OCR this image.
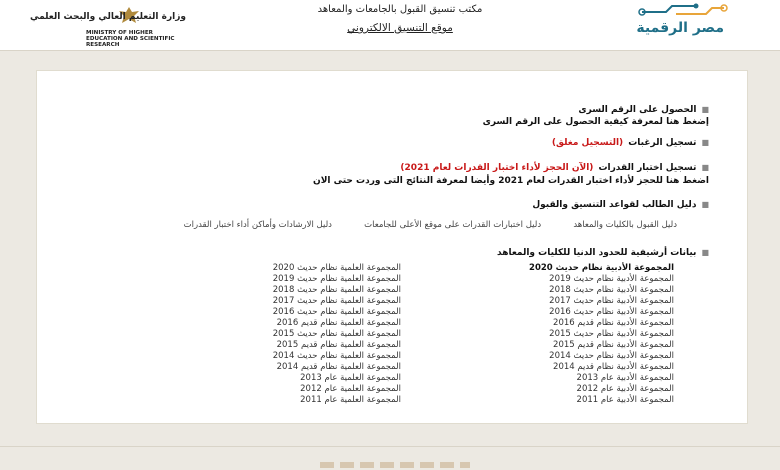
مصر الرقمية
مكتب تنسيق القبول بالجامعات والمعاهد
موقع التنسيق الالكتروني
وزارة التعليم العالي والبحث العلمي
MINISTRY OF HIGHER EDUCATION AND SCIENTIFIC RESEARCH
■الحصول على الرقم السرى
إضغط هنا لمعرفة كيفية الحصول على الرقم السرى
■تسجيل الرغبات (التسجيل مغلق)
■تسجيل اختبار القدرات (الآن الحجز لأداء اختبار القدرات لعام 2021)
اضغط هنا للحجز لأداء اختبار القدرات لعام 2021 وأيضا لمعرفة النتائج التى وردت حتى الان
■دليل الطالب لقواعد التنسيق والقبول
دليل القبول بالكليات والمعاهد  دليل اختبارات القدرات على موقع الأعلى للجامعات  دليل الارشادات وأماكن أداء اختبار القدرات
■بيانات أرشيفية للحدود الدنيا للكليات والمعاهد
المجموعة الأدبية نظام حديث 2020
المجموعة الأدبية نظام حديث 2019
المجموعة الأدبية نظام حديث 2018
المجموعة الأدبية نظام حديث 2017
المجموعة الأدبية نظام حديث 2016
المجموعة الأدبية نظام قديم 2016
المجموعة الأدبية نظام حديث 2015
المجموعة الأدبية نظام قديم 2015
المجموعة الأدبية نظام حديث 2014
المجموعة الأدبية نظام قديم 2014
المجموعة الأدبية عام 2013
المجموعة الأدبية عام 2012
المجموعة الأدبية عام 2011
المجموعة العلمية نظام حديث 2020
المجموعة العلمية نظام حديث 2019
المجموعة العلمية نظام حديث 2018
المجموعة العلمية نظام حديث 2017
المجموعة العلمية نظام حديث 2016
المجموعة العلمية نظام قديم 2016
المجموعة العلمية نظام حديث 2015
المجموعة العلمية نظام قديم 2015
المجموعة العلمية نظام حديث 2014
المجموعة العلمية نظام قديم 2014
المجموعة العلمية عام 2013
المجموعة العلمية عام 2012
المجموعة العلمية عام 2011
